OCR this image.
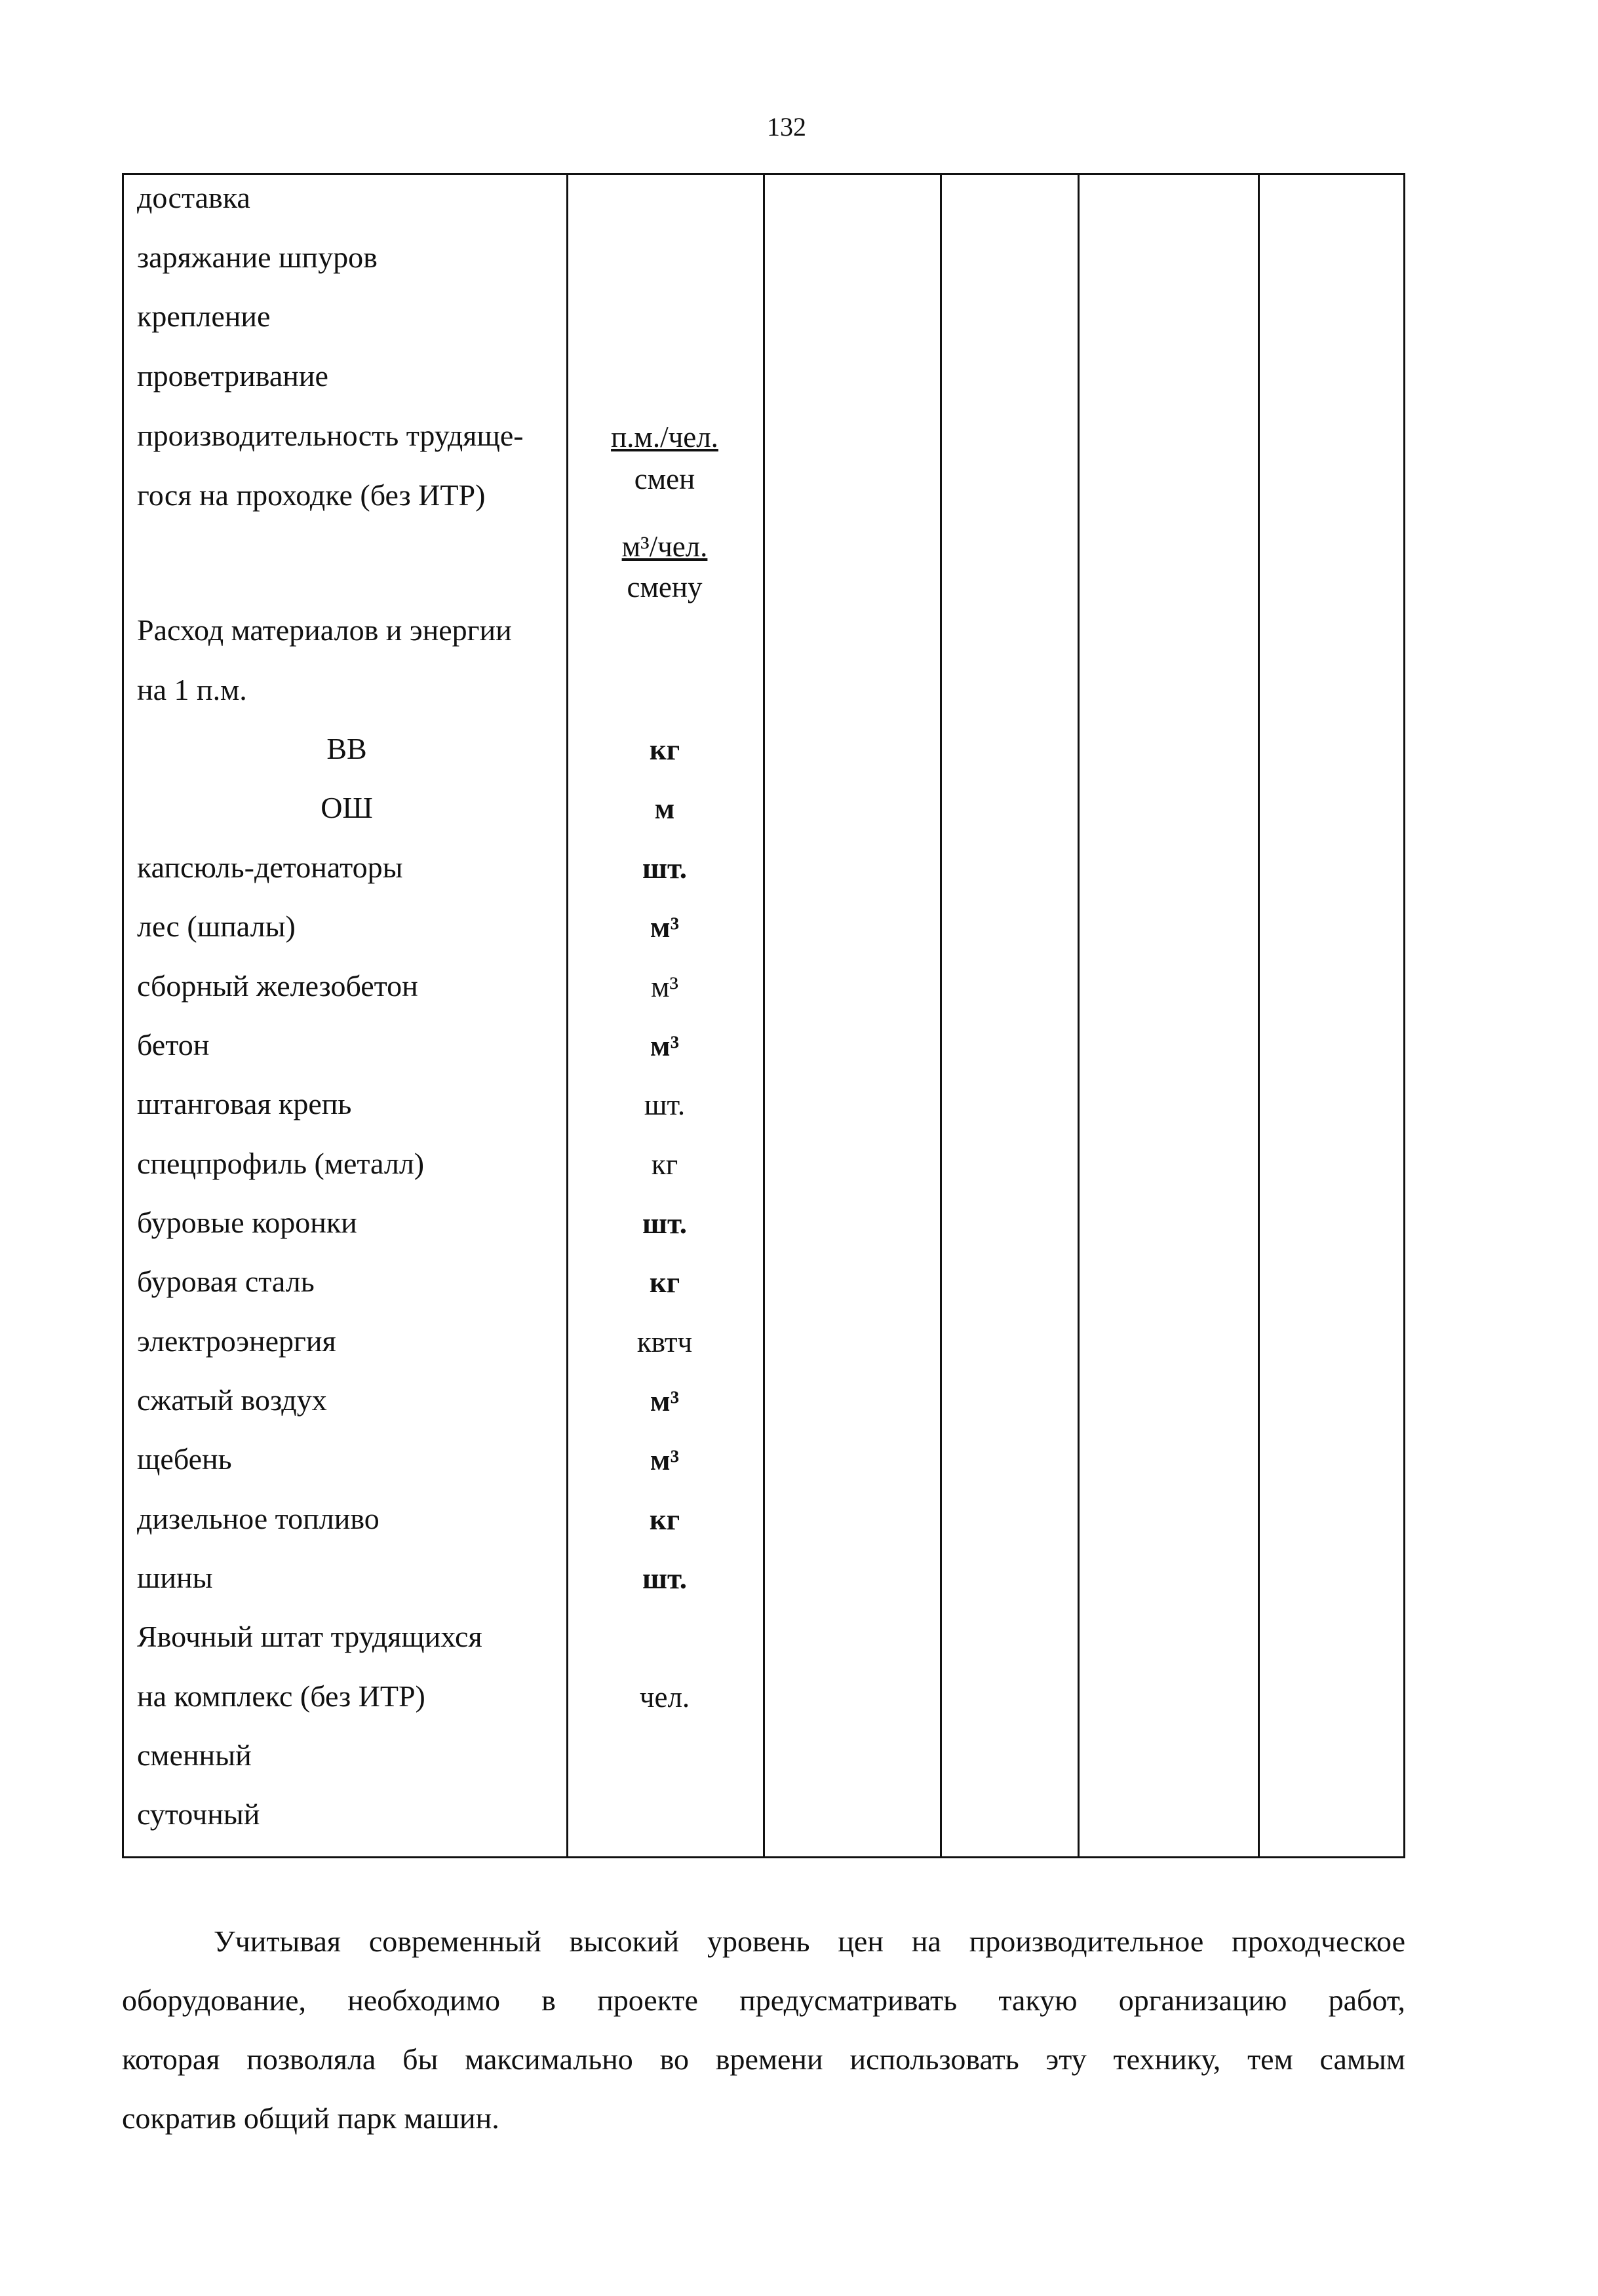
132
доставка
заряжание шпуров
крепление
проветривание
производительность трудяще-
гося на проходке (без ИТР)
Расход материалов и энергии
на 1 п.м.
ВВ
ОШ
капсюль-детонаторы
лес (шпалы)
сборный железобетон
бетон
штанговая крепь
спецпрофиль (металл)
буровые коронки
буровая сталь
электроэнергия
сжатый воздух
щебень
дизельное топливо
шины
Явочный штат трудящихся
на комплекс (без ИТР)
сменный
суточный
п.м./чел.
смен
м³/чел.
смену
кг
м
шт.
м³
м³
м³
шт.
кг
шт.
кг
квтч
м³
м³
кг
шт.
чел.
Учитывая современный высокий уровень цен на производительное проходческое
оборудование, необходимо в проекте предусматривать такую организацию работ,
которая позволяла бы максимально во времени использовать эту технику, тем самым
сократив общий парк машин.
